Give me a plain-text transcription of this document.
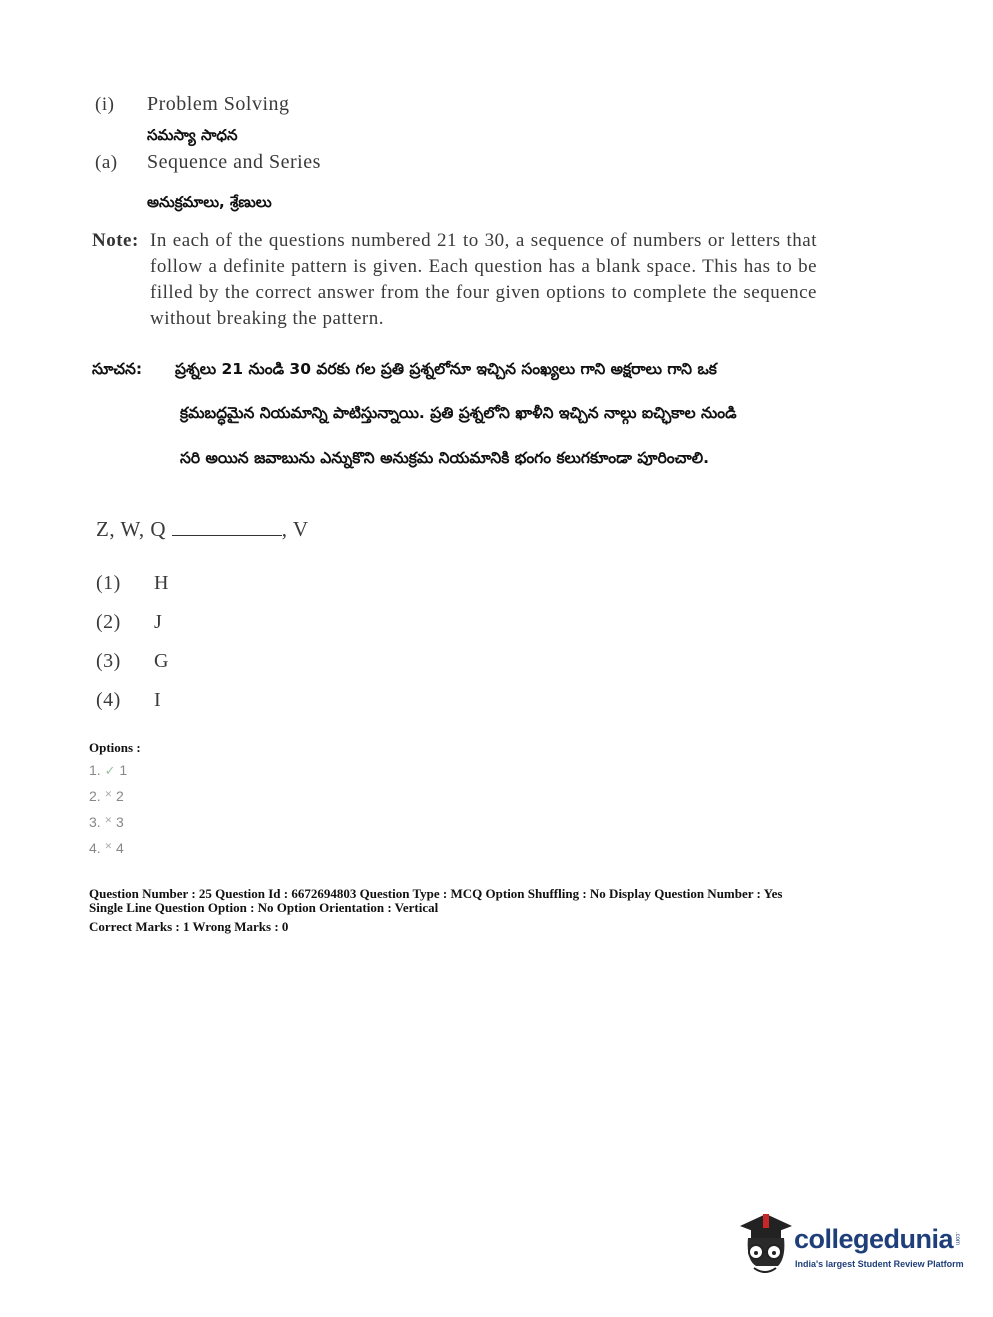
(i) Problem Solving
సమస్యా సాధన
(a) Sequence and Series
అనుక్రమాలు, శ్రేణులు
Note: In each of the questions numbered 21 to 30, a sequence of numbers or letters that follow a definite pattern is given. Each question has a blank space. This has to be filled by the correct answer from the four given options to complete the sequence without breaking the pattern.
సూచన: ప్రశ్నలు 21 నుండి 30 వరకు గల ప్రతి ప్రశ్నలోనూ ఇచ్చిన సంఖ్యలు గాని అక్షరాలు గాని ఒక
క్రమబద్ధమైన నియమాన్ని పాటిస్తున్నాయి. ప్రతి ప్రశ్నలోని ఖాళీని ఇచ్చిన నాల్గు ఐచ్ఛికాల నుండి
సరి అయిన జవాబును ఎన్నుకొని అనుక్రమ నియమానికి భంగం కలుగకూండా పూరించాలి.
Z, W, Q	, V
(1) H
(2) J
(3) G
(4) I
Options :
1. ✓ 1
2. ✕ 2
3. ✕ 3
4. ✕ 4
Question Number : 25 Question Id : 6672694803 Question Type : MCQ Option Shuffling : No Display Question Number : Yes
Single Line Question Option : No Option Orientation : Vertical
Correct Marks : 1 Wrong Marks : 0
collegedunia .com
India's largest Student Review Platform
